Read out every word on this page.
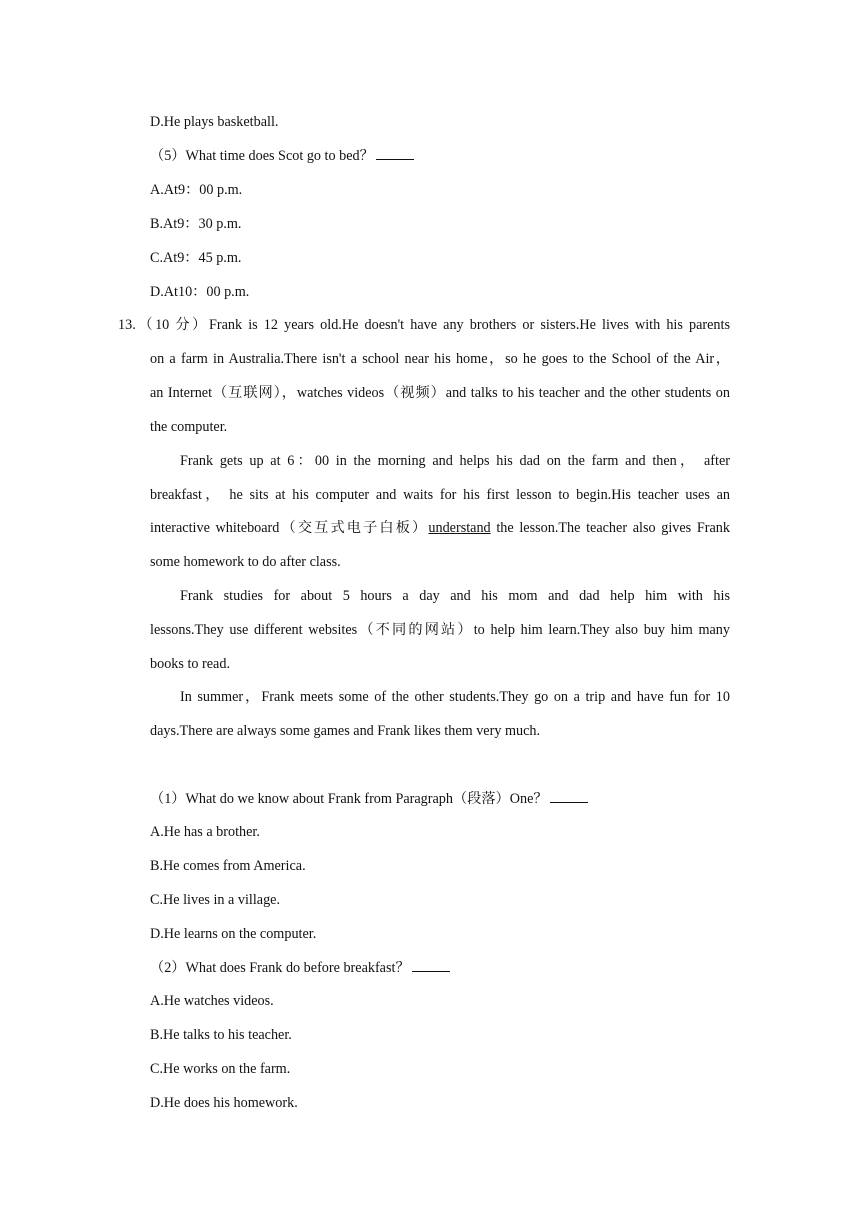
D.He plays basketball.
（5）What time does Scot go to bed？
A.At9：00 p.m.
B.At9：30 p.m.
C.At9：45 p.m.
D.At10：00 p.m.
13.（10 分）Frank is 12 years old.He doesn't have any brothers or sisters.He lives with his parents
on a farm in Australia.There isn't a school near his home，so he goes to the School of the Air，
an Internet（互联网），watches videos（视频）and talks to his teacher and the other students on
the computer.
Frank gets up at 6：00 in the morning and helps his dad on the farm and then， after
breakfast， he sits at his computer and waits for his first lesson to begin.His teacher uses an
interactive whiteboard（交互式电子白板）understand the lesson.The teacher also gives Frank
some homework to do after class.
Frank studies for about 5 hours a day and his mom and dad help him with his
lessons.They use different websites（不同的网站）to help him learn.They also buy him many
books to read.
In summer，Frank meets some of the other students.They go on a trip and have fun for 10
days.There are always some games and Frank likes them very much.
（1）What do we know about Frank from Paragraph（段落）One？
A.He has a brother.
B.He comes from America.
C.He lives in a village.
D.He learns on the computer.
（2）What does Frank do before breakfast？
A.He watches videos.
B.He talks to his teacher.
C.He works on the farm.
D.He does his homework.
